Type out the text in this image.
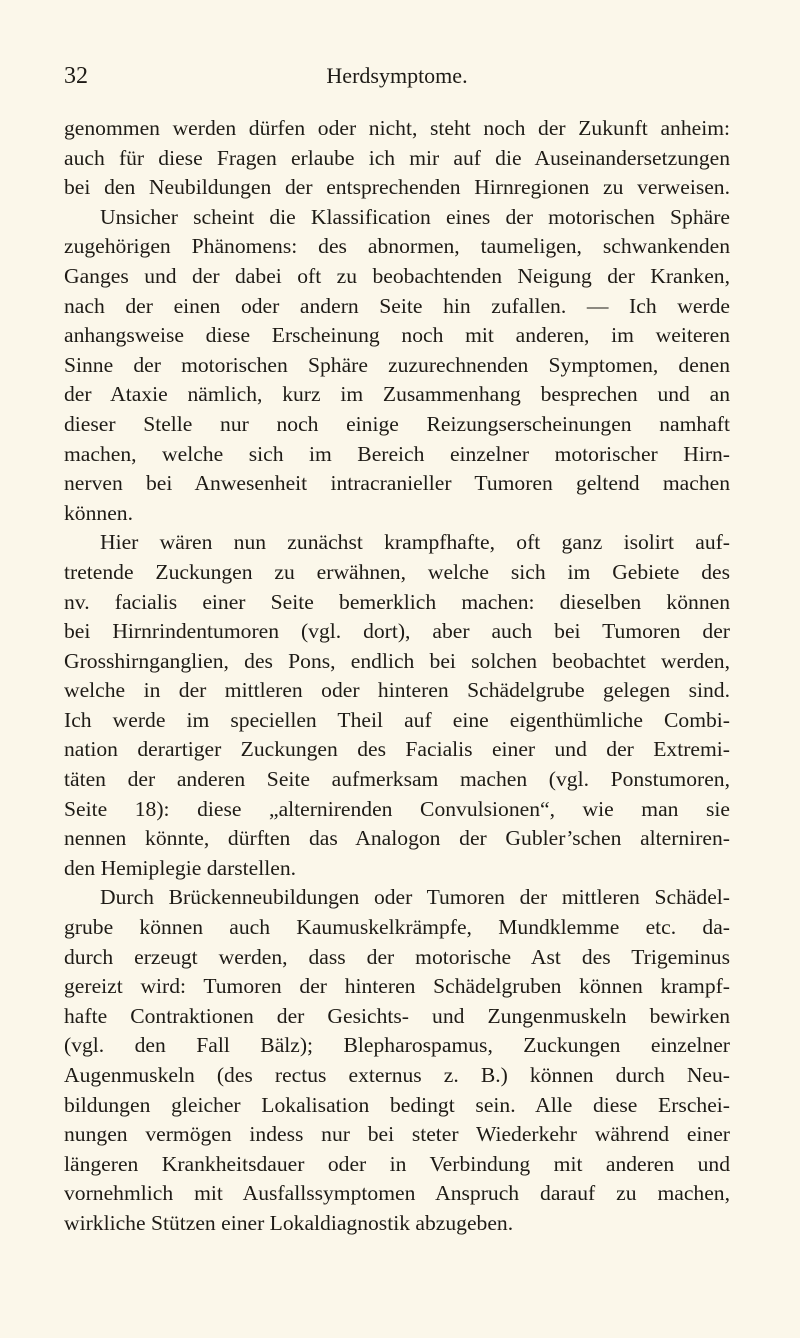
32	Herdsymptome.
genommen werden dürfen oder nicht, steht noch der Zukunft anheim:
auch für diese Fragen erlaube ich mir auf die Auseinandersetzungen
bei den Neubildungen der entsprechenden Hirnregionen zu verweisen.
Unsicher scheint die Klassification eines der motorischen Sphäre
zugehörigen Phänomens: des abnormen, taumeligen, schwankenden
Ganges und der dabei oft zu beobachtenden Neigung der Kranken,
nach der einen oder andern Seite hin zufallen. — Ich werde
anhangsweise diese Erscheinung noch mit anderen, im weiteren
Sinne der motorischen Sphäre zuzurechnenden Symptomen, denen
der Ataxie nämlich, kurz im Zusammenhang besprechen und an
dieser Stelle nur noch einige Reizungserscheinungen namhaft
machen, welche sich im Bereich einzelner motorischer Hirn-
nerven bei Anwesenheit intracranieller Tumoren geltend machen
können.
Hier wären nun zunächst krampfhafte, oft ganz isolirt auf-
tretende Zuckungen zu erwähnen, welche sich im Gebiete des
nv. facialis einer Seite bemerklich machen: dieselben können
bei Hirnrindentumoren (vgl. dort), aber auch bei Tumoren der
Grosshirnganglien, des Pons, endlich bei solchen beobachtet werden,
welche in der mittleren oder hinteren Schädelgrube gelegen sind.
Ich werde im speciellen Theil auf eine eigenthümliche Combi-
nation derartiger Zuckungen des Facialis einer und der Extremi-
täten der anderen Seite aufmerksam machen (vgl. Ponstumoren,
Seite 18): diese „alternirenden Convulsionen“, wie man sie
nennen könnte, dürften das Analogon der Gubler’schen alterniren-
den Hemiplegie darstellen.
Durch Brückenneubildungen oder Tumoren der mittleren Schädel-
grube können auch Kaumuskelkrämpfe, Mundklemme etc. da-
durch erzeugt werden, dass der motorische Ast des Trigeminus
gereizt wird: Tumoren der hinteren Schädelgruben können krampf-
hafte Contraktionen der Gesichts- und Zungenmuskeln bewirken
(vgl. den Fall Bälz); Blepharospamus, Zuckungen einzelner
Augenmuskeln (des rectus externus z. B.) können durch Neu-
bildungen gleicher Lokalisation bedingt sein. Alle diese Erschei-
nungen vermögen indess nur bei steter Wiederkehr während einer
längeren Krankheitsdauer oder in Verbindung mit anderen und
vornehmlich mit Ausfallssymptomen Anspruch darauf zu machen,
wirkliche Stützen einer Lokaldiagnostik abzugeben.
